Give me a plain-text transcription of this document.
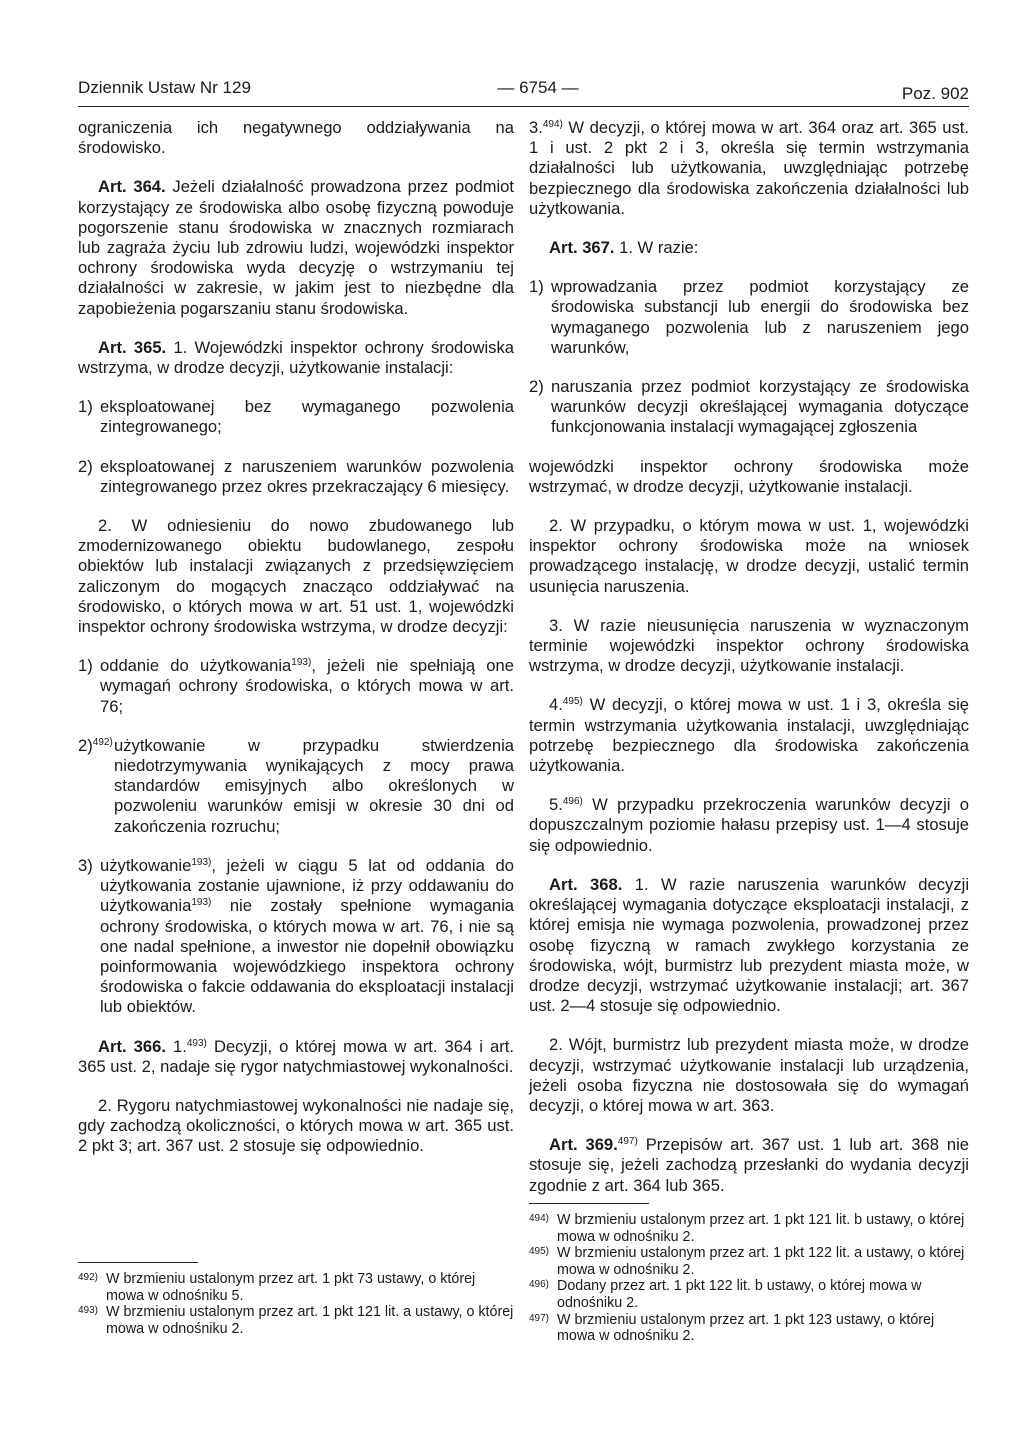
Dziennik Ustaw Nr 129	— 6754 —	Poz. 902

ograniczenia ich negatywnego oddziaływania na środowisko.

Art. 364. Jeżeli działalność prowadzona przez podmiot korzystający ze środowiska albo osobę fizyczną powoduje pogorszenie stanu środowiska w znacznych rozmiarach lub zagraża życiu lub zdrowiu ludzi, wojewódzki inspektor ochrony środowiska wyda decyzję o wstrzymaniu tej działalności w zakresie, w jakim jest to niezbędne dla zapobieżenia pogarszaniu stanu środowiska.

Art. 365. 1. Wojewódzki inspektor ochrony środowiska wstrzyma, w drodze decyzji, użytkowanie instalacji:

1) eksploatowanej bez wymaganego pozwolenia zintegrowanego;
2) eksploatowanej z naruszeniem warunków pozwolenia zintegrowanego przez okres przekraczający 6 miesięcy.

2. W odniesieniu do nowo zbudowanego lub zmodernizowanego obiektu budowlanego, zespołu obiektów lub instalacji związanych z przedsięwzięciem zaliczonym do mogących znacząco oddziaływać na środowisko, o których mowa w art. 51 ust. 1, wojewódzki inspektor ochrony środowiska wstrzyma, w drodze decyzji:

1) oddanie do użytkowania$^{193)}$, jeżeli nie spełniają one wymagań ochrony środowiska, o których mowa w art. 76;
2)$^{492)}$ użytkowanie w przypadku stwierdzenia niedotrzymywania wynikających z mocy prawa standardów emisyjnych albo określonych w pozwoleniu warunków emisji w okresie 30 dni od zakończenia rozruchu;
3) użytkowanie$^{193)}$, jeżeli w ciągu 5 lat od oddania do użytkowania zostanie ujawnione, iż przy oddawaniu do użytkowania$^{193)}$ nie zostały spełnione wymagania ochrony środowiska, o których mowa w art. 76, i nie są one nadal spełnione, a inwestor nie dopełnił obowiązku poinformowania wojewódzkiego inspektora ochrony środowiska o fakcie oddawania do eksploatacji instalacji lub obiektów.

Art. 366. 1.$^{493)}$ Decyzji, o której mowa w art. 364 i art. 365 ust. 2, nadaje się rygor natychmiastowej wykonalności.

2. Rygoru natychmiastowej wykonalności nie nadaje się, gdy zachodzą okoliczności, o których mowa w art. 365 ust. 2 pkt 3; art. 367 ust. 2 stosuje się odpowiednio.

492) W brzmieniu ustalonym przez art. 1 pkt 73 ustawy, o której mowa w odnośniku 5.
493) W brzmieniu ustalonym przez art. 1 pkt 121 lit. a ustawy, o której mowa w odnośniku 2.

3.$^{494)}$ W decyzji, o której mowa w art. 364 oraz art. 365 ust. 1 i ust. 2 pkt 2 i 3, określa się termin wstrzymania działalności lub użytkowania, uwzględniając potrzebę bezpiecznego dla środowiska zakończenia działalności lub użytkowania.

Art. 367. 1. W razie:

1) wprowadzania przez podmiot korzystający ze środowiska substancji lub energii do środowiska bez wymaganego pozwolenia lub z naruszeniem jego warunków,
2) naruszania przez podmiot korzystający ze środowiska warunków decyzji określającej wymagania dotyczące funkcjonowania instalacji wymagającej zgłoszenia

wojewódzki inspektor ochrony środowiska może wstrzymać, w drodze decyzji, użytkowanie instalacji.

2. W przypadku, o którym mowa w ust. 1, wojewódzki inspektor ochrony środowiska może na wniosek prowadzącego instalację, w drodze decyzji, ustalić termin usunięcia naruszenia.

3. W razie nieusunięcia naruszenia w wyznaczonym terminie wojewódzki inspektor ochrony środowiska wstrzyma, w drodze decyzji, użytkowanie instalacji.

4.$^{495)}$ W decyzji, o której mowa w ust. 1 i 3, określa się termin wstrzymania użytkowania instalacji, uwzględniając potrzebę bezpiecznego dla środowiska zakończenia użytkowania.

5.$^{496)}$ W przypadku przekroczenia warunków decyzji o dopuszczalnym poziomie hałasu przepisy ust. 1—4 stosuje się odpowiednio.

Art. 368. 1. W razie naruszenia warunków decyzji określającej wymagania dotyczące eksploatacji instalacji, z której emisja nie wymaga pozwolenia, prowadzonej przez osobę fizyczną w ramach zwykłego korzystania ze środowiska, wójt, burmistrz lub prezydent miasta może, w drodze decyzji, wstrzymać użytkowanie instalacji; art. 367 ust. 2—4 stosuje się odpowiednio.

2. Wójt, burmistrz lub prezydent miasta może, w drodze decyzji, wstrzymać użytkowanie instalacji lub urządzenia, jeżeli osoba fizyczna nie dostosowała się do wymagań decyzji, o której mowa w art. 363.

Art. 369.$^{497)}$ Przepisów art. 367 ust. 1 lub art. 368 nie stosuje się, jeżeli zachodzą przesłanki do wydania decyzji zgodnie z art. 364 lub 365.

494) W brzmieniu ustalonym przez art. 1 pkt 121 lit. b ustawy, o której mowa w odnośniku 2.
495) W brzmieniu ustalonym przez art. 1 pkt 122 lit. a ustawy, o której mowa w odnośniku 2.
496) Dodany przez art. 1 pkt 122 lit. b ustawy, o której mowa w odnośniku 2.
497) W brzmieniu ustalonym przez art. 1 pkt 123 ustawy, o której mowa w odnośniku 2.
